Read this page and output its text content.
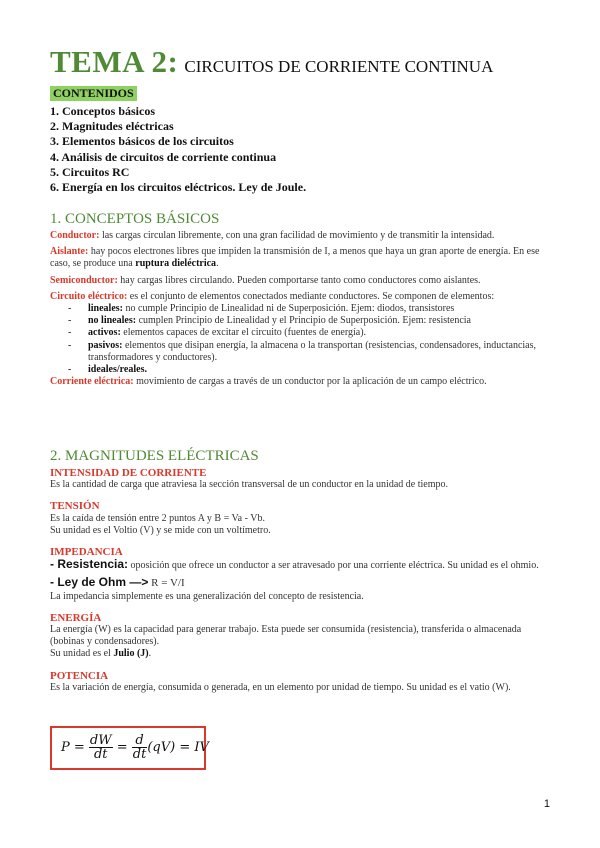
TEMA 2: CIRCUITOS DE CORRIENTE CONTINUA
CONTENIDOS
1. Conceptos básicos
2. Magnitudes eléctricas
3. Elementos básicos de los circuitos
4. Análisis de circuitos de corriente continua
5. Circuitos RC
6. Energía en los circuitos eléctricos. Ley de Joule.
1. CONCEPTOS BÁSICOS
Conductor: las cargas circulan libremente, con una gran facilidad de movimiento y de transmitir la intensidad.
Aislante: hay pocos electrones libres que impiden la transmisión de I, a menos que haya un gran aporte de energía. En ese caso, se produce una ruptura dieléctrica.
Semiconductor: hay cargas libres circulando. Pueden comportarse tanto como conductores como aislantes.
Circuito eléctrico: es el conjunto de elementos conectados mediante conductores. Se componen de elementos:
- lineales: no cumple Principio de Linealidad ni de Superposición. Ejem: diodos, transistores
- no lineales: cumplen Principio de Linealidad y el Principio de Superposición. Ejem: resistencia
- activos: elementos capaces de excitar el circuito (fuentes de energía).
- pasivos: elementos que disipan energía, la almacena o la transportan (resistencias, condensadores, inductancias, transformadores y conductores).
- ideales/reales.
Corriente eléctrica: movimiento de cargas a través de un conductor por la aplicación de un campo eléctrico.
2. MAGNITUDES ELÉCTRICAS
INTENSIDAD DE CORRIENTE
Es la cantidad de carga que atraviesa la sección transversal de un conductor en la unidad de tiempo.
TENSIÓN
Es la caída de tensión entre 2 puntos A y B = Va - Vb.
Su unidad es el Voltio (V) y se mide con un voltímetro.
IMPEDANCIA
- Resistencia: oposición que ofrece un conductor a ser atravesado por una corriente eléctrica. Su unidad es el ohmio.
- Ley de Ohm —> R = V/I
La impedancia simplemente es una generalización del concepto de resistencia.
ENERGÍA
La energía (W) es la capacidad para generar trabajo. Esta puede ser consumida (resistencia), transferida o almacenada (bobinas y condensadores).
Su unidad es el Julio (J).
POTENCIA
Es la variación de energía, consumida o generada, en un elemento por unidad de tiempo. Su unidad es el vatio (W).
$P = \frac{dW}{dt} = \frac{d}{dt} (qV)$ = IV
1
